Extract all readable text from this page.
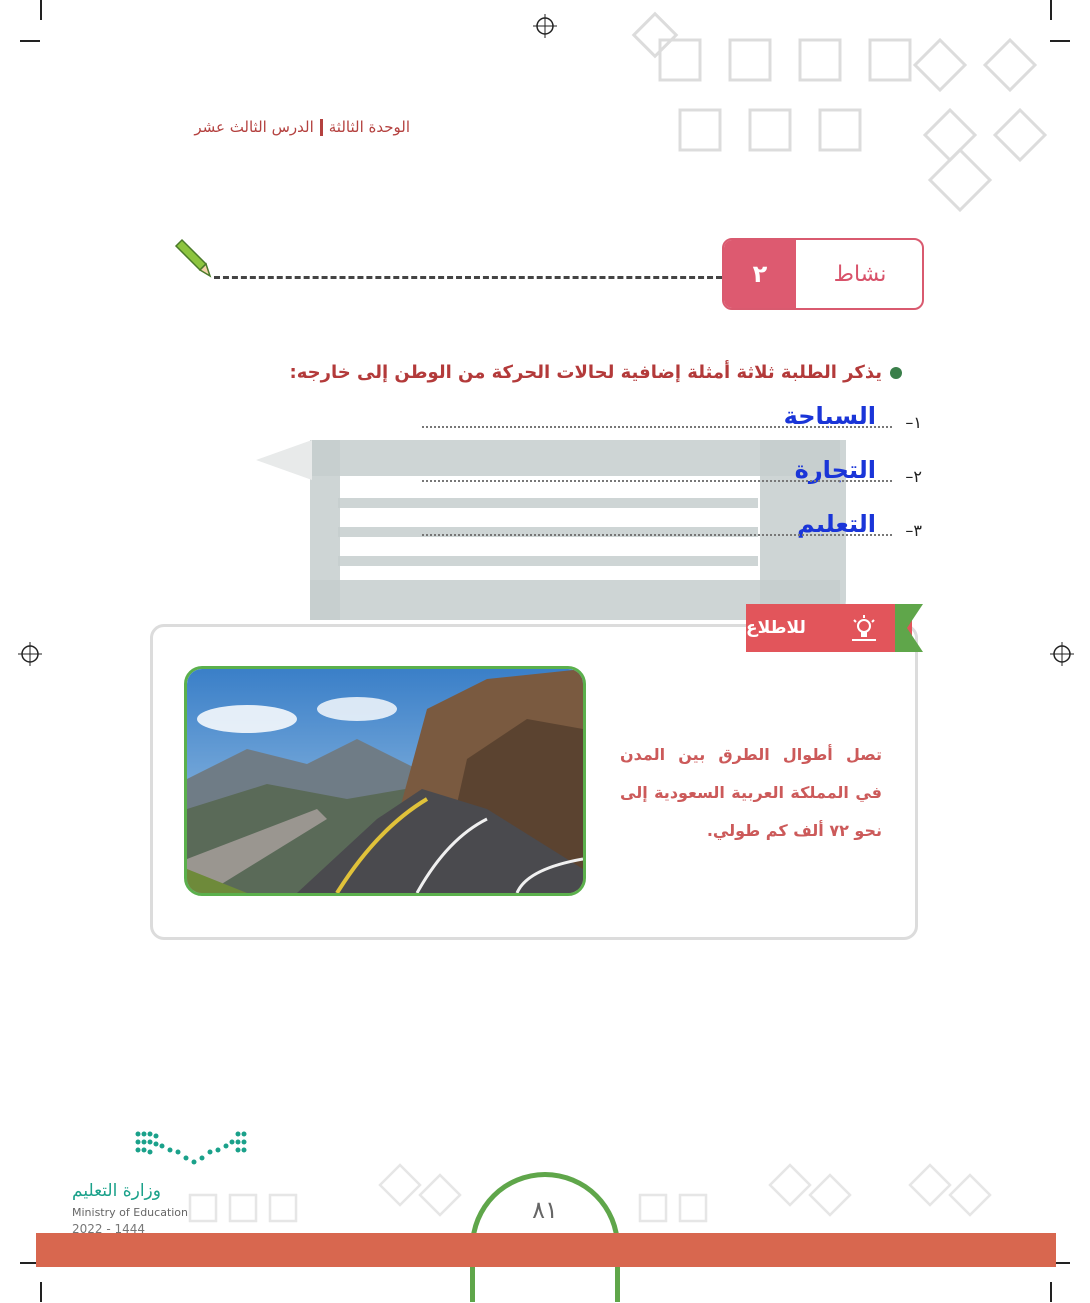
الوحدة الثالثةالدرس الثالث عشر
٢	نشاط
يذكر الطلبة ثلاثة أمثلة إضافية لحالات الحركة من الوطن إلى خارجه:
١–
السياحة
٢–
التجارة
٣–
التعليم
للاطلاع
تصل أطوال الطرق بين المدن في المملكة العربية السعودية إلى نحو ٧٢ ألف كم طولي.
٨١
وزارة التعليم
Ministry of Education
2022 - 1444
